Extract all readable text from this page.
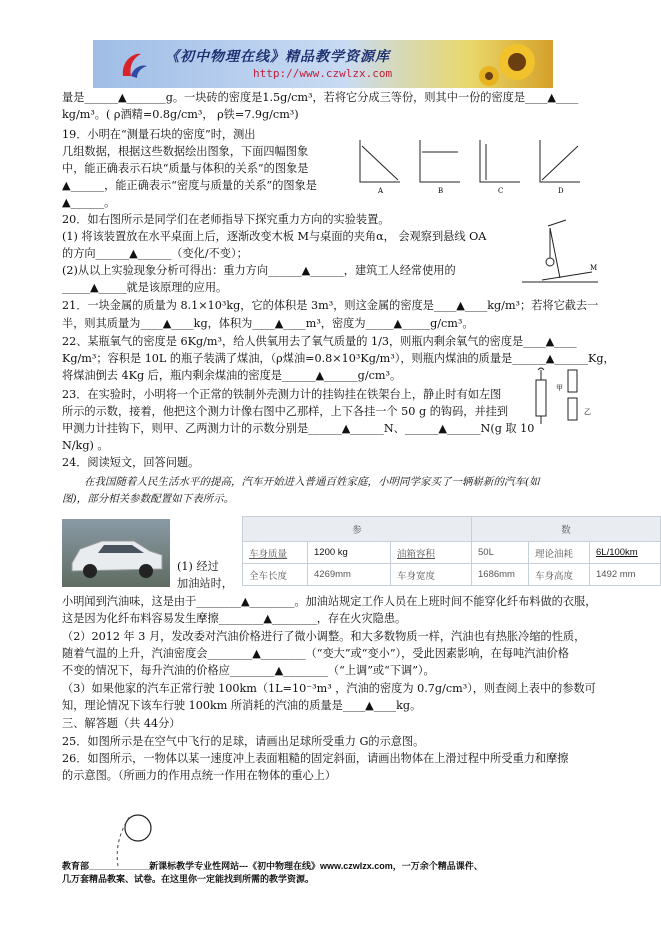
《初中物理在线》精品教学资源库
http://www.czwlzx.com
量是______▲_______g。一块砖的密度是1.5g/cm³，若将它分成三等份，则其中一份的密度是____▲____
kg/m³。( ρ酒精=0.8g/cm³， ρ铁=7.9g/cm³)
19．小明在“测量石块的密度”时，测出
几组数据，根据这些数据绘出图象，下面四幅图象
中，能正确表示石块“质量与体积的关系”的图象是
▲______，能正确表示“密度与质量的关系”的图象是
▲______。
A	B	C	D
20．如右图所示是同学们在老师指导下探究重力方向的实验装置。
(1) 将该装置放在水平桌面上后，逐渐改变木板 M与桌面的夹角α， 会观察到悬线 OA
的方向______▲______（变化/不变）；
(2)从以上实验现象分析可得出：重力方向______▲______，建筑工人经常使用的
_____▲_____就是该原理的应用。
M
21．一块金属的质量为 8.1×10³kg，它的体积是 3m³，则这金属的密度是____▲____kg/m³；若将它截去一
半，则其质量为____▲____kg，体积为____▲____m³，密度为_____▲_____g/cm³。
22、某瓶氧气的密度是 6Kg/m³，给人供氧用去了氧气质量的 1/3，则瓶内剩余氧气的密度是____▲____
Kg/m³；容积是 10L 的瓶子装满了煤油，（ρ煤油=0.8×10³Kg/m³），则瓶内煤油的质量是______▲______Kg，
将煤油倒去 4Kg 后，瓶内剩余煤油的密度是______▲______g/cm³。
23．在实验时，小明将一个正常的铁制外壳测力计的挂钩挂在铁架台上，静止时有如左图
所示的示数，接着，他把这个测力计像右图中乙那样，上下各挂一个 50 g 的钩码，并挂到
甲测力计挂钩下，则甲、乙两测力计的示数分别是______▲______N、______▲______N(g 取 10
N/kg) 。
甲
乙
24．阅读短文，回答问题。
在我国随着人民生活水平的提高，汽车开始进入普通百姓家庭，小明同学家买了一辆崭新的汽车(如
图)，部分相关参数配置如下表所示。
参			数		
车身质量	1200 kg	油箱容积	50L	理论油耗	6L/100km
全车长度	4269mm	车身宽度	1686mm	车身高度	1492 mm
(1) 经过
加油站时，
小明闻到汽油味，这是由于________▲________。加油站规定工作人员在上班时间不能穿化纤布料做的衣服，
这是因为化纤布料容易发生摩擦________▲________，存在火灾隐患。
（2）2012 年 3 月，发改委对汽油价格进行了微小调整。和大多数物质一样，汽油也有热胀冷缩的性质，
随着气温的上升，汽油密度会________▲________（“变大”或“变小”），受此因素影响，在每吨汽油价格
不变的情况下，每升汽油的价格应________▲________（“上调”或“下调”）。
（3）如果他家的汽车正常行驶 100km（1L=10⁻³m³ ，汽油的密度为 0.7g/cm³），则查阅上表中的参数可
知，理论情况下该车行驶 100km 所消耗的汽油的质量是____▲____kg。
三、解答题（共 44分）
25．如图所示是在空气中飞行的足球，请画出足球所受重力 G的示意图。
26．如图所示，一物体以某一速度冲上表面粗糙的固定斜面，请画出物体在上滑过程中所受重力和摩擦
的示意图。（所画力的作用点统一作用在物体的重心上）
教育部____________新课标教学专业性网站---《初中物理在线》www.czwlzx.com，一万余个精品课件、
几万套精品教案、试卷。在这里你一定能找到所需的教学资源。
